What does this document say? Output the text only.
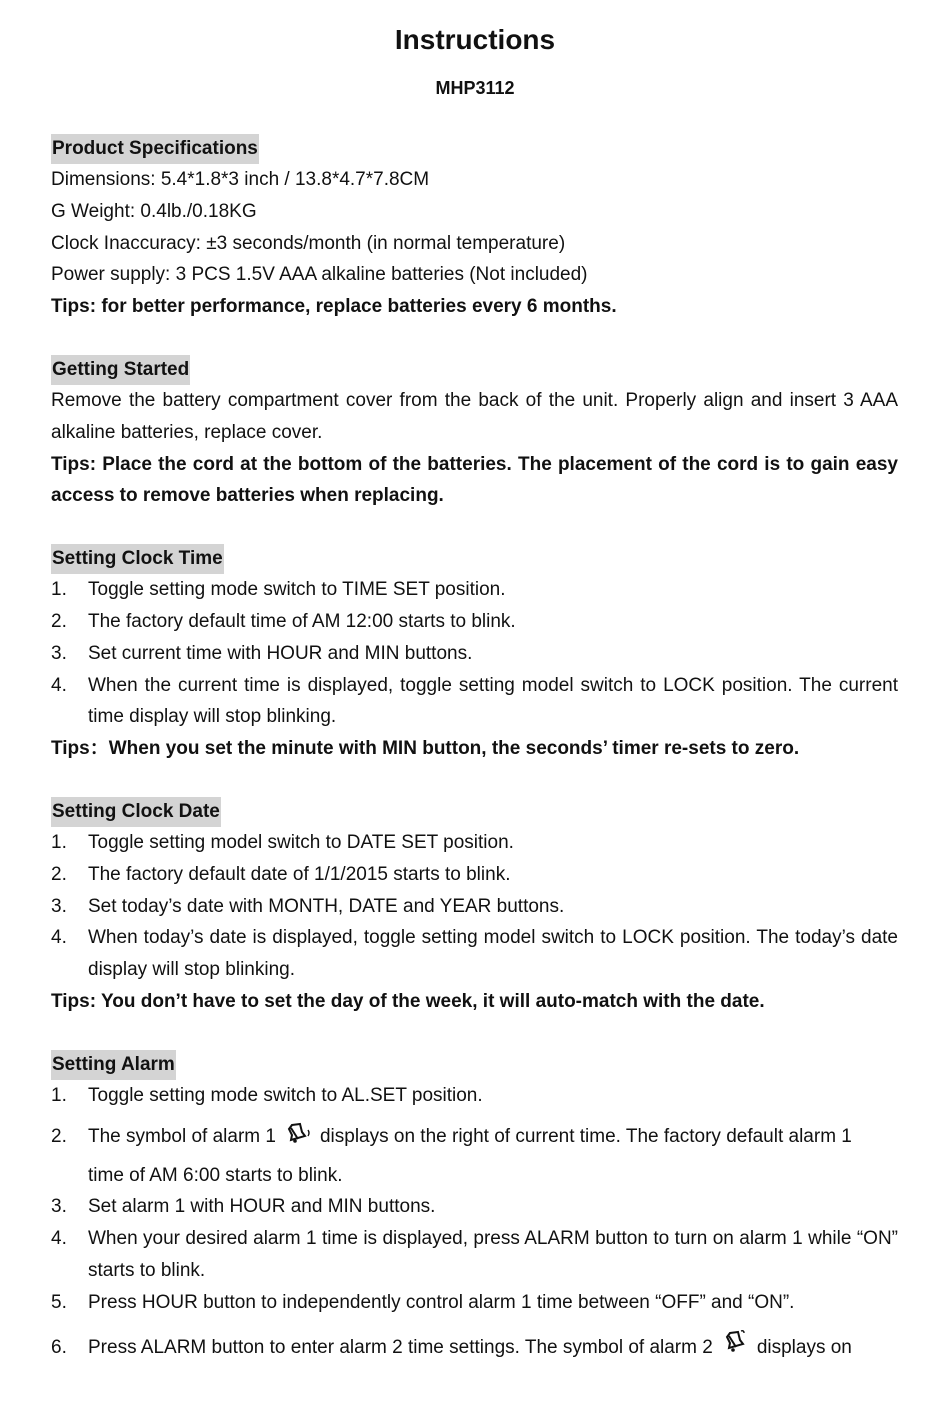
Instructions
MHP3112
Product Specifications
Dimensions: 5.4*1.8*3 inch / 13.8*4.7*7.8CM
G Weight: 0.4lb./0.18KG
Clock Inaccuracy: ±3 seconds/month (in normal temperature)
Power supply: 3 PCS 1.5V AAA alkaline batteries (Not included)
Tips: for better performance, replace batteries every 6 months.
Getting Started
Remove the battery compartment cover from the back of the unit. Properly align and insert 3 AAA alkaline batteries, replace cover.
Tips: Place the cord at the bottom of the batteries. The placement of the cord is to gain easy access to remove batteries when replacing.
Setting Clock Time
1. Toggle setting mode switch to TIME SET position.
2. The factory default time of AM 12:00 starts to blink.
3. Set current time with HOUR and MIN buttons.
4. When the current time is displayed, toggle setting model switch to LOCK position. The current time display will stop blinking.
Tips：When you set the minute with MIN button, the seconds’ timer re-sets to zero.
Setting Clock Date
1. Toggle setting model switch to DATE SET position.
2. The factory default date of 1/1/2015 starts to blink.
3. Set today’s date with MONTH, DATE and YEAR buttons.
4. When today’s date is displayed, toggle setting model switch to LOCK position. The today’s date display will stop blinking.
Tips: You don’t have to set the day of the week, it will auto-match with the date.
Setting Alarm
1. Toggle setting mode switch to AL.SET position.
2. The symbol of alarm 1 displays on the right of current time. The factory default alarm 1
time of AM 6:00 starts to blink.
3. Set alarm 1 with HOUR and MIN buttons.
4. When your desired alarm 1 time is displayed, press ALARM button to turn on alarm 1 while “ON” starts to blink.
5. Press HOUR button to independently control alarm 1 time between “OFF” and “ON”.
6. Press ALARM button to enter alarm 2 time settings. The symbol of alarm 2 displays on
